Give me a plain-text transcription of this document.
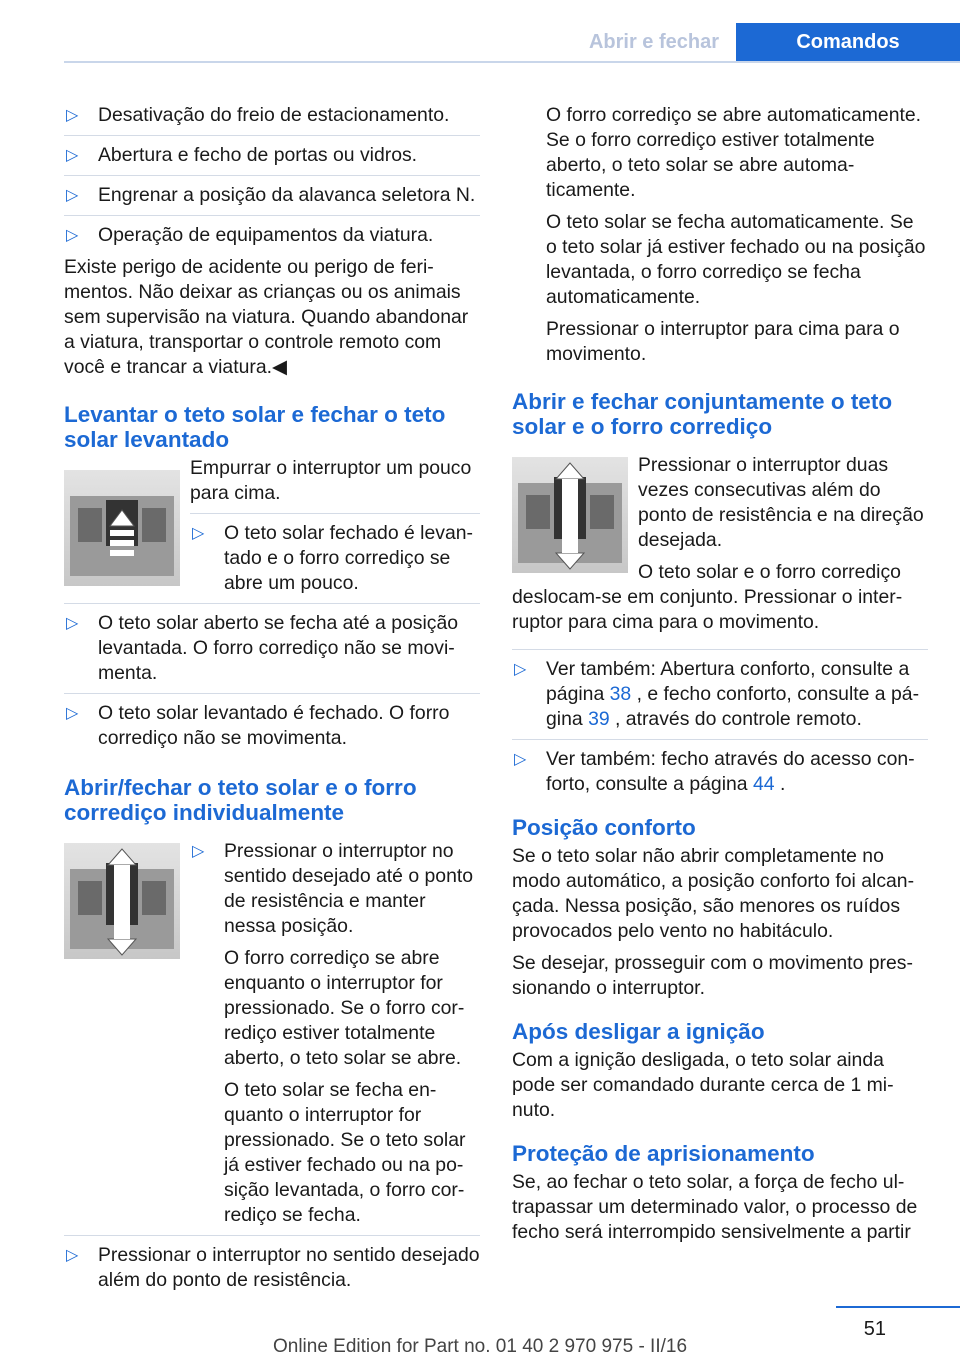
Abrir e fechar	Comandos
▷ Desativação do freio de estacionamento.
▷ Abertura e fecho de portas ou vidros.
▷ Engrenar a posição da alavanca seletora N.
▷ Operação de equipamentos da viatura.

Existe perigo de acidente ou perigo de ferimentos. Não deixar as crianças ou os animais sem supervisão na viatura. Quando abandonar a viatura, transportar o controle remoto com você e trancar a viatura.◀

Levantar o teto solar e fechar o teto solar levantado

Empurrar o interruptor um pouco para cima.

▷ O teto solar fechado é levantado e o forro corrediço se abre um pouco.
▷ O teto solar aberto se fecha até a posição levantada. O forro corrediço não se movimenta.
▷ O teto solar levantado é fechado. O forro corrediço não se movimenta.
Abrir/fechar o teto solar e o forro corrediço individualmente
▷ Pressionar o interruptor no sentido desejado até o ponto de resistência e manter nessa posição.

O forro corrediço se abre enquanto o interruptor for pressionado. Se o forro corrediço estiver totalmente aberto, o teto solar se abre.

O teto solar se fecha enquanto o interruptor for pressionado. Se o teto solar já estiver fechado ou na posição levantada, o forro corrediço se fecha.

▷ Pressionar o interruptor no sentido desejado além do ponto de resistência.

O forro corrediço se abre automaticamente. Se o forro corrediço estiver totalmente aberto, o teto solar se abre automaticamente.

O teto solar se fecha automaticamente. Se o teto solar já estiver fechado ou na posição levantada, o forro corrediço se fecha automaticamente.

Pressionar o interruptor para cima para o movimento.

Abrir e fechar conjuntamente o teto solar e o forro corrediço

Pressionar o interruptor duas vezes consecutivas além do ponto de resistência e na direção desejada.

O teto solar e o forro corrediço deslocam-se em conjunto. Pressionar o interruptor para cima para o movimento.

▷ Ver também: Abertura conforto, consulte a página 38 , e fecho conforto, consulte a página 39 , através do controle remoto.
▷ Ver também: fecho através do acesso conforto, consulte a página 44 .
Posição conforto

Se o teto solar não abrir completamente no modo automático, a posição conforto foi alcançada. Nessa posição, são menores os ruídos provocados pelo vento no habitáculo.

Se desejar, prosseguir com o movimento pressionando o interruptor.

Após desligar a ignição

Com a ignição desligada, o teto solar ainda pode ser comandado durante cerca de 1 minuto.

Proteção de aprisionamento

Se, ao fechar o teto solar, a força de fecho ultrapassar um determinado valor, o processo de fecho será interrompido sensivelmente a partir

51
Online Edition for Part no. 01 40 2 970 975 - II/16
